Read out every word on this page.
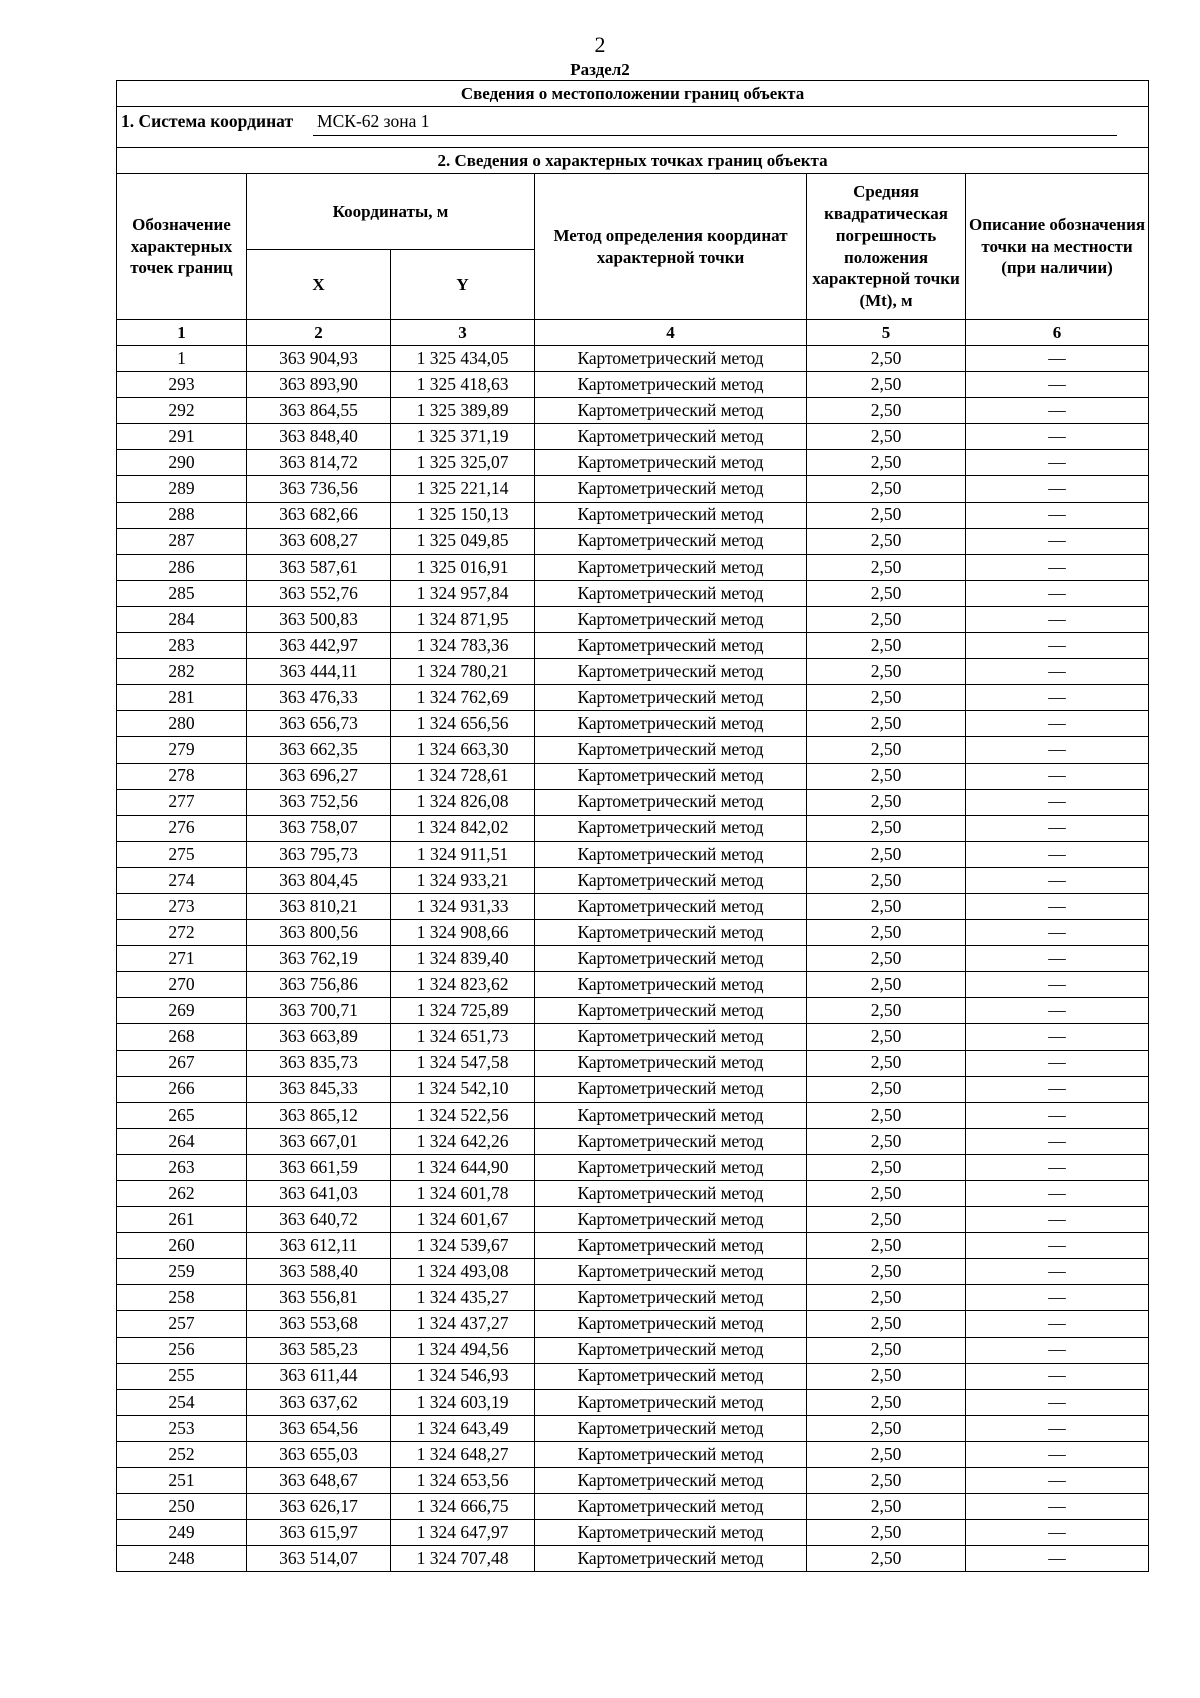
2
Раздел2
Сведения о местоположении границ объекта					

1. Система координат МСК-62 зона 1					

2. Сведения о характерных точках границ объекта					
Обозначение характерных точек границ	Координаты, м		Метод определения координат характерной точки	Средняя квадратическая погрешность положения характерной точки (Mt), м	Описание обозначения точки на местности (при наличии)
	X	Y			
1	2	3	4	5	6
1	363 904,93	1 325 434,05	Картометрический метод	2,50	—
293	363 893,90	1 325 418,63	Картометрический метод	2,50	—
292	363 864,55	1 325 389,89	Картометрический метод	2,50	—
291	363 848,40	1 325 371,19	Картометрический метод	2,50	—
290	363 814,72	1 325 325,07	Картометрический метод	2,50	—
289	363 736,56	1 325 221,14	Картометрический метод	2,50	—
288	363 682,66	1 325 150,13	Картометрический метод	2,50	—
287	363 608,27	1 325 049,85	Картометрический метод	2,50	—
286	363 587,61	1 325 016,91	Картометрический метод	2,50	—
285	363 552,76	1 324 957,84	Картометрический метод	2,50	—
284	363 500,83	1 324 871,95	Картометрический метод	2,50	—
283	363 442,97	1 324 783,36	Картометрический метод	2,50	—
282	363 444,11	1 324 780,21	Картометрический метод	2,50	—
281	363 476,33	1 324 762,69	Картометрический метод	2,50	—
280	363 656,73	1 324 656,56	Картометрический метод	2,50	—
279	363 662,35	1 324 663,30	Картометрический метод	2,50	—
278	363 696,27	1 324 728,61	Картометрический метод	2,50	—
277	363 752,56	1 324 826,08	Картометрический метод	2,50	—
276	363 758,07	1 324 842,02	Картометрический метод	2,50	—
275	363 795,73	1 324 911,51	Картометрический метод	2,50	—
274	363 804,45	1 324 933,21	Картометрический метод	2,50	—
273	363 810,21	1 324 931,33	Картометрический метод	2,50	—
272	363 800,56	1 324 908,66	Картометрический метод	2,50	—
271	363 762,19	1 324 839,40	Картометрический метод	2,50	—
270	363 756,86	1 324 823,62	Картометрический метод	2,50	—
269	363 700,71	1 324 725,89	Картометрический метод	2,50	—
268	363 663,89	1 324 651,73	Картометрический метод	2,50	—
267	363 835,73	1 324 547,58	Картометрический метод	2,50	—
266	363 845,33	1 324 542,10	Картометрический метод	2,50	—
265	363 865,12	1 324 522,56	Картометрический метод	2,50	—
264	363 667,01	1 324 642,26	Картометрический метод	2,50	—
263	363 661,59	1 324 644,90	Картометрический метод	2,50	—
262	363 641,03	1 324 601,78	Картометрический метод	2,50	—
261	363 640,72	1 324 601,67	Картометрический метод	2,50	—
260	363 612,11	1 324 539,67	Картометрический метод	2,50	—
259	363 588,40	1 324 493,08	Картометрический метод	2,50	—
258	363 556,81	1 324 435,27	Картометрический метод	2,50	—
257	363 553,68	1 324 437,27	Картометрический метод	2,50	—
256	363 585,23	1 324 494,56	Картометрический метод	2,50	—
255	363 611,44	1 324 546,93	Картометрический метод	2,50	—
254	363 637,62	1 324 603,19	Картометрический метод	2,50	—
253	363 654,56	1 324 643,49	Картометрический метод	2,50	—
252	363 655,03	1 324 648,27	Картометрический метод	2,50	—
251	363 648,67	1 324 653,56	Картометрический метод	2,50	—
250	363 626,17	1 324 666,75	Картометрический метод	2,50	—
249	363 615,97	1 324 647,97	Картометрический метод	2,50	—
248	363 514,07	1 324 707,48	Картометрический метод	2,50	—
